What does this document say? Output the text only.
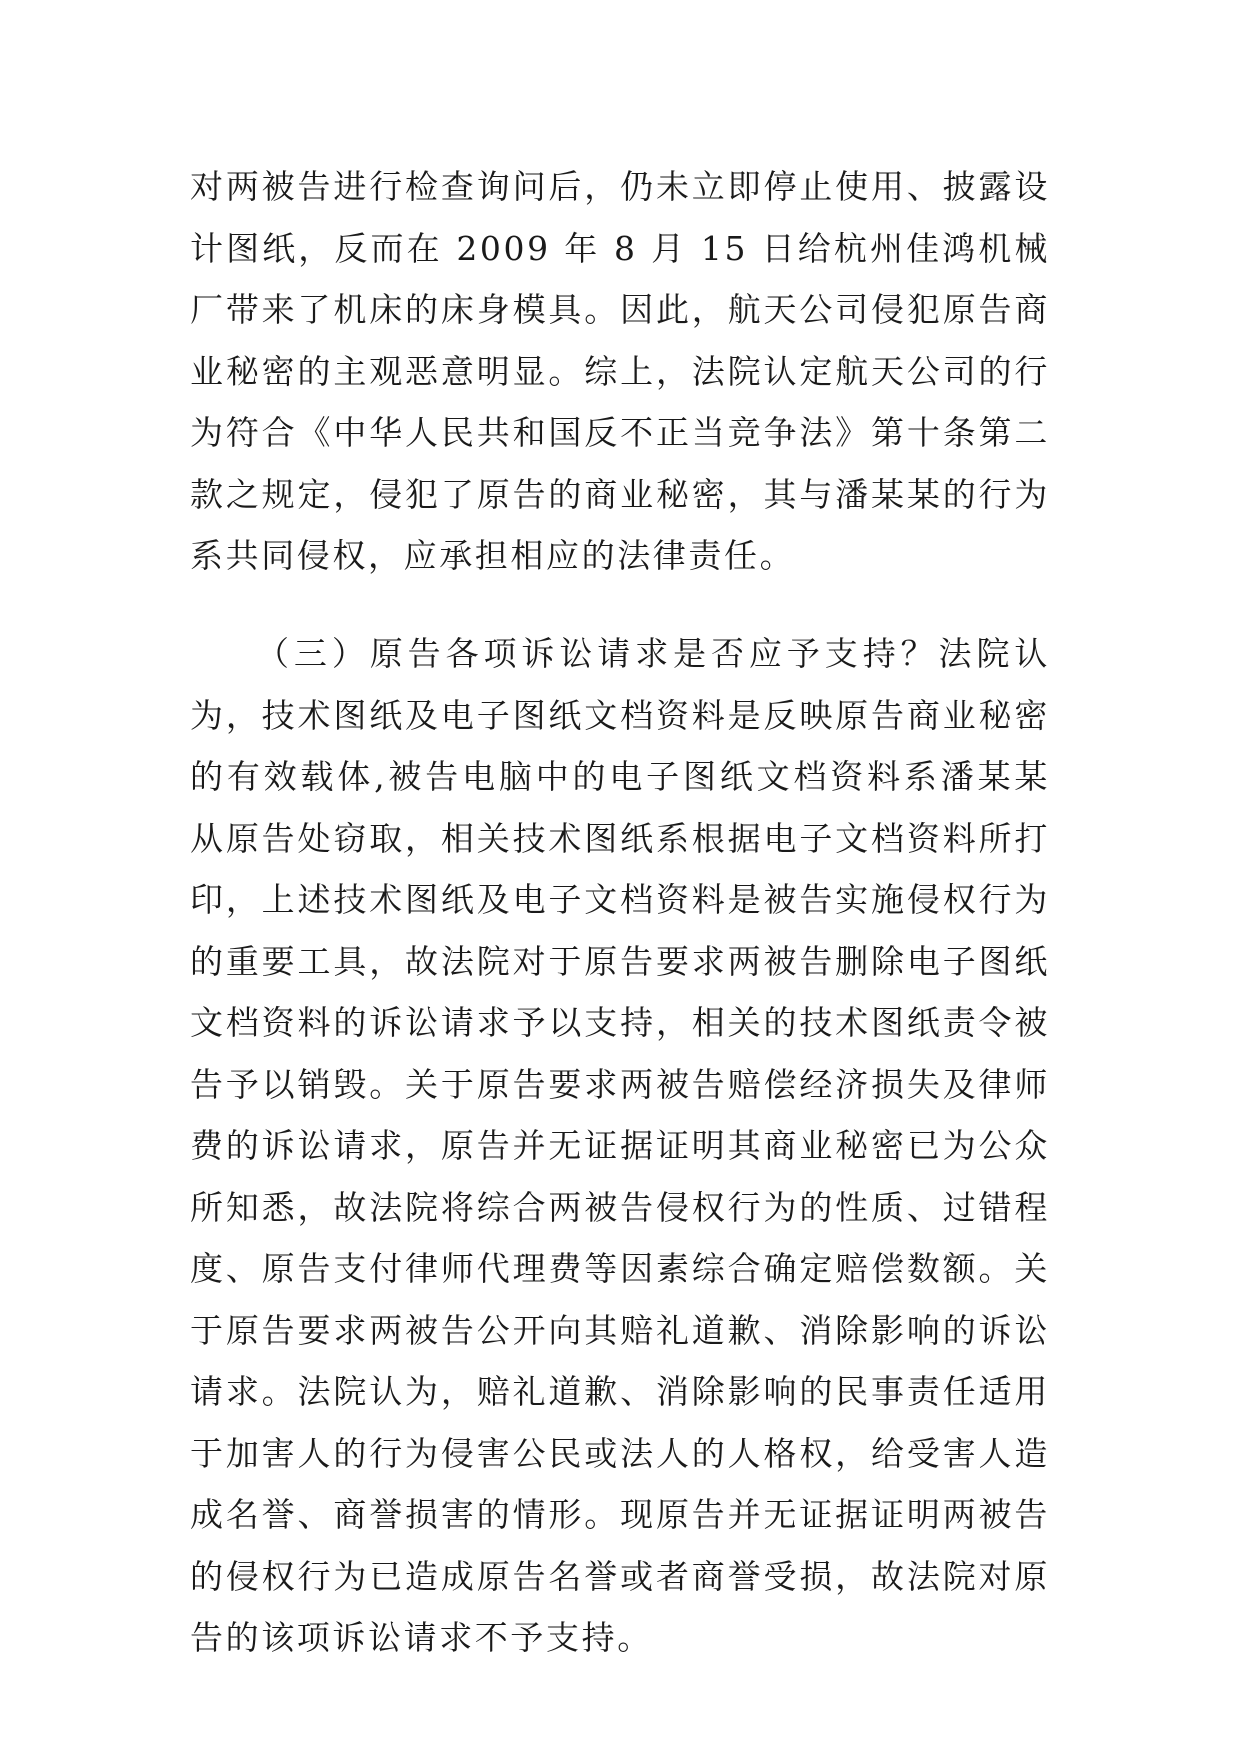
对两被告进行检查询问后，仍未立即停止使用、披露设计图纸，反而在 2009 年 8 月 15 日给杭州佳鸿机械厂带来了机床的床身模具。因此，航天公司侵犯原告商业秘密的主观恶意明显。综上，法院认定航天公司的行为符合《中华人民共和国反不正当竞争法》第十条第二款之规定，侵犯了原告的商业秘密，其与潘某某的行为系共同侵权，应承担相应的法律责任。

（三）原告各项诉讼请求是否应予支持？法院认为，技术图纸及电子图纸文档资料是反映原告商业秘密的有效载体,被告电脑中的电子图纸文档资料系潘某某从原告处窃取，相关技术图纸系根据电子文档资料所打印，上述技术图纸及电子文档资料是被告实施侵权行为的重要工具，故法院对于原告要求两被告删除电子图纸文档资料的诉讼请求予以支持，相关的技术图纸责令被告予以销毁。关于原告要求两被告赔偿经济损失及律师费的诉讼请求，原告并无证据证明其商业秘密已为公众所知悉，故法院将综合两被告侵权行为的性质、过错程度、原告支付律师代理费等因素综合确定赔偿数额。关于原告要求两被告公开向其赔礼道歉、消除影响的诉讼请求。法院认为，赔礼道歉、消除影响的民事责任适用于加害人的行为侵害公民或法人的人格权，给受害人造成名誉、商誉损害的情形。现原告并无证据证明两被告的侵权行为已造成原告名誉或者商誉受损，故法院对原告的该项诉讼请求不予支持。
